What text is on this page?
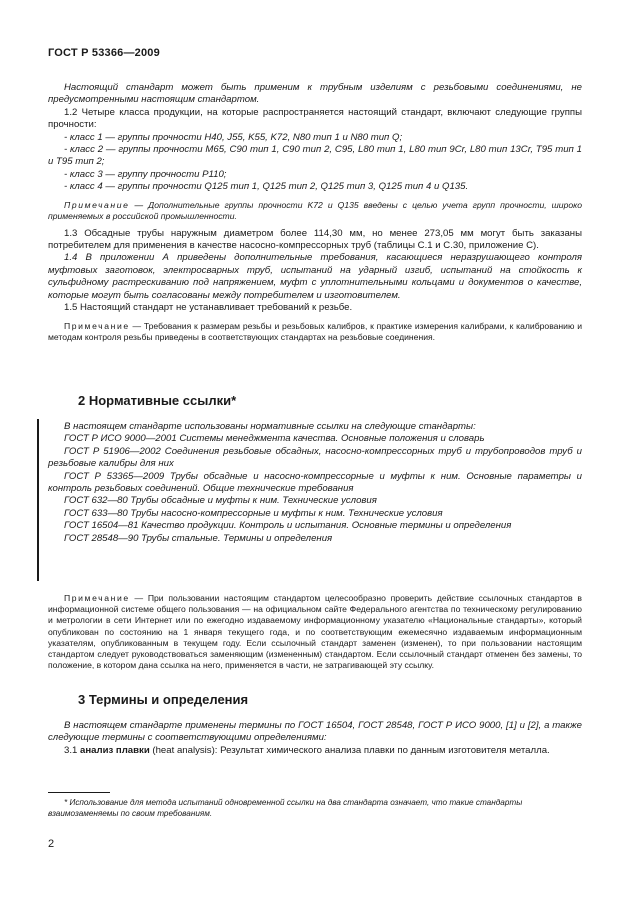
ГОСТ Р 53366—2009

Настоящий стандарт может быть применим к трубным изделиям с резьбовыми соединениями, не предусмотренными настоящим стандартом.

1.2 Четыре класса продукции, на которые распространяется настоящий стандарт, включают следующие группы прочности:

- класс 1 — группы прочности H40, J55, K55, K72, N80 тип 1 и N80 тип Q;

- класс 2 — группы прочности M65, C90 тип 1, C90 тип 2, C95, L80 тип 1, L80 тип 9Cr, L80 тип 13Cr, T95 тип 1 и T95 тип 2;

- класс 3 — группу прочности P110;

- класс 4 — группы прочности Q125 тип 1, Q125 тип 2, Q125 тип 3, Q125 тип 4 и Q135.

Примечание — Дополнительные группы прочности K72 и Q135 введены с целью учета групп прочности, широко применяемых в российской промышленности.

1.3 Обсадные трубы наружным диаметром более 114,30 мм, но менее 273,05 мм могут быть заказаны потребителем для применения в качестве насосно-компрессорных труб (таблицы С.1 и С.30, приложение С).

1.4 В приложении А приведены дополнительные требования, касающиеся неразрушающего контроля муфтовых заготовок, электросварных труб, испытаний на ударный изгиб, испытаний на стойкость к сульфидному растрескиванию под напряжением, муфт с уплотнительными кольцами и документов о качестве, которые могут быть согласованы между потребителем и изготовителем.

1.5 Настоящий стандарт не устанавливает требований к резьбе.

Примечание — Требования к размерам резьбы и резьбовых калибров, к практике измерения калибрами, к калиброванию и методам контроля резьбы приведены в соответствующих стандартах на резьбовые соединения.

2 Нормативные ссылки*

В настоящем стандарте использованы нормативные ссылки на следующие стандарты:

ГОСТ Р ИСО 9000—2001 Системы менеджмента качества. Основные положения и словарь

ГОСТ Р 51906—2002 Соединения резьбовые обсадных, насосно-компрессорных труб и трубопроводов труб и резьбовые калибры для них

ГОСТ Р 53365—2009 Трубы обсадные и насосно-компрессорные и муфты к ним. Основные параметры и контроль резьбовых соединений. Общие технические требования

ГОСТ 632—80 Трубы обсадные и муфты к ним. Технические условия

ГОСТ 633—80 Трубы насосно-компрессорные и муфты к ним. Технические условия

ГОСТ 16504—81 Качество продукции. Контроль и испытания. Основные термины и определения

ГОСТ 28548—90 Трубы стальные. Термины и определения

Примечание — При пользовании настоящим стандартом целесообразно проверить действие ссылочных стандартов в информационной системе общего пользования — на официальном сайте Федерального агентства по техническому регулированию и метрологии в сети Интернет или по ежегодно издаваемому информационному указателю «Национальные стандарты», который опубликован по состоянию на 1 января текущего года, и по соответствующим ежемесячно издаваемым информационным указателям, опубликованным в текущем году. Если ссылочный стандарт заменен (изменен), то при пользовании настоящим стандартом следует руководствоваться заменяющим (измененным) стандартом. Если ссылочный стандарт отменен без замены, то положение, в котором дана ссылка на него, применяется в части, не затрагивающей эту ссылку.

3 Термины и определения

В настоящем стандарте применены термины по ГОСТ 16504, ГОСТ 28548, ГОСТ Р ИСО 9000, [1] и [2], а также следующие термины с соответствующими определениями:

3.1 анализ плавки (heat analysis): Результат химического анализа плавки по данным изготовителя металла.

* Использование для метода испытаний одновременной ссылки на два стандарта означает, что такие стандарты взаимозаменяемы по своим требованиям.

2
